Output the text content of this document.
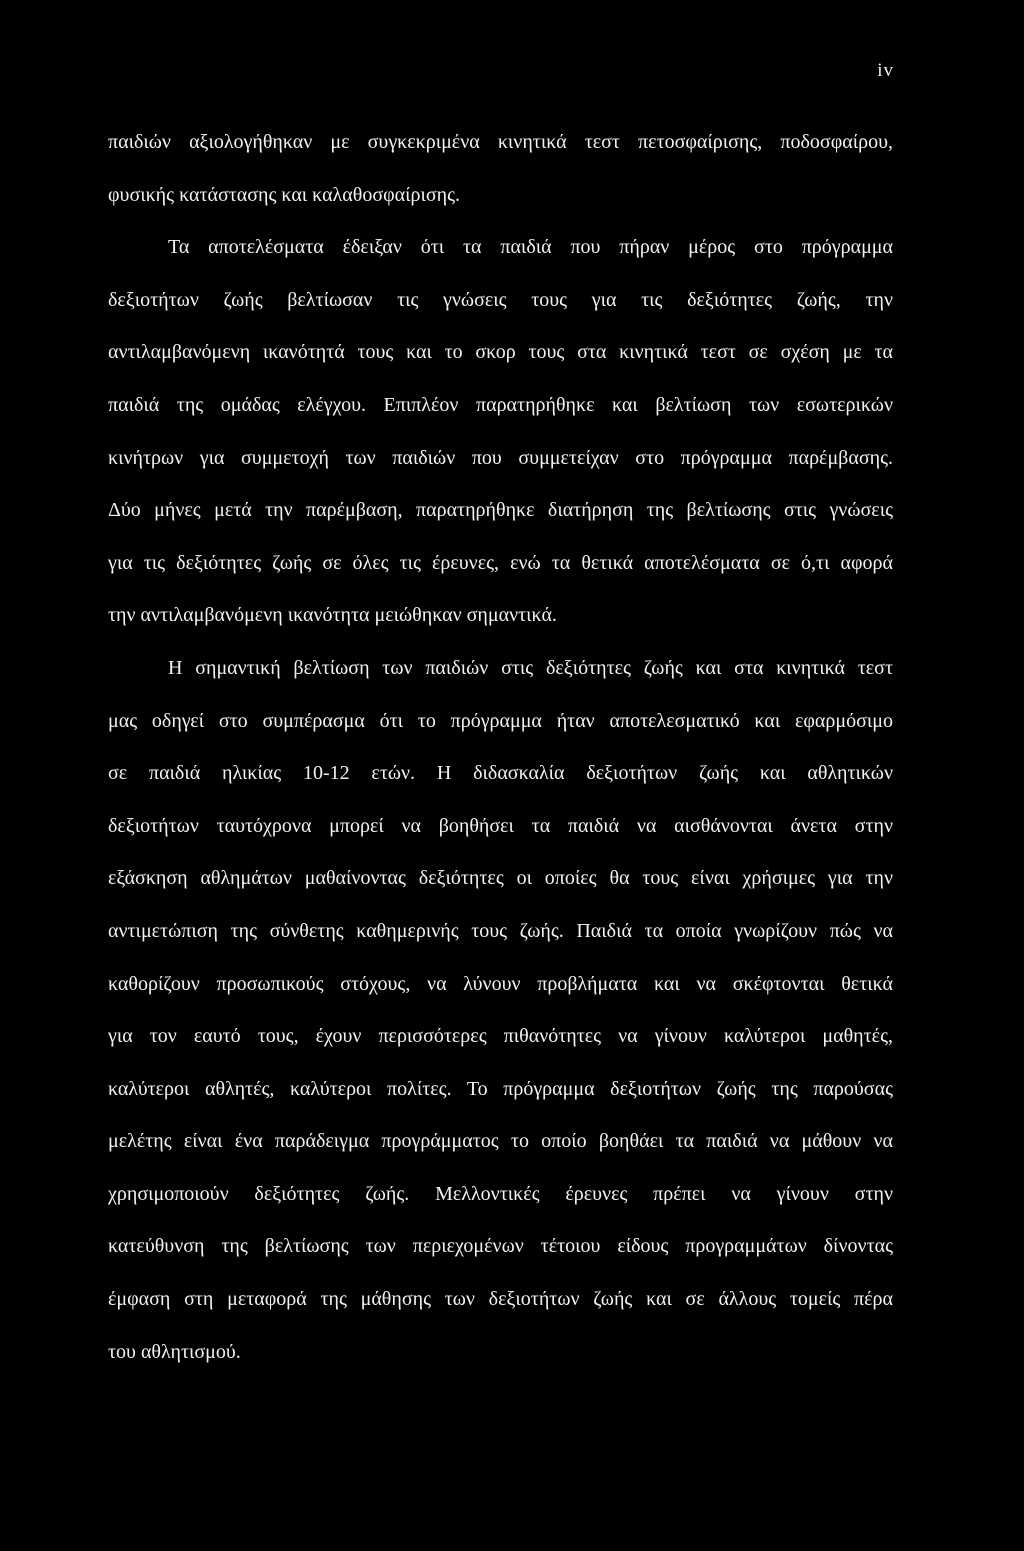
iv
παιδιών αξιολογήθηκαν με συγκεκριμένα κινητικά τεστ πετοσφαίρισης, ποδοσφαίρου,
φυσικής κατάστασης και καλαθοσφαίρισης.
Τα αποτελέσματα έδειξαν ότι τα παιδιά που πήραν μέρος στο πρόγραμμα
δεξιοτήτων ζωής βελτίωσαν τις γνώσεις τους για τις δεξιότητες ζωής, την
αντιλαμβανόμενη ικανότητά τους και το σκορ τους στα κινητικά τεστ σε σχέση με τα
παιδιά της ομάδας ελέγχου. Επιπλέον παρατηρήθηκε και βελτίωση των εσωτερικών
κινήτρων για συμμετοχή των παιδιών που συμμετείχαν στο πρόγραμμα παρέμβασης.
Δύο μήνες μετά την παρέμβαση, παρατηρήθηκε διατήρηση της βελτίωσης στις γνώσεις
για τις δεξιότητες ζωής σε όλες τις έρευνες, ενώ τα θετικά αποτελέσματα σε ό,τι αφορά
την αντιλαμβανόμενη ικανότητα μειώθηκαν σημαντικά.
Η σημαντική βελτίωση των παιδιών στις δεξιότητες ζωής και στα κινητικά τεστ
μας οδηγεί στο συμπέρασμα ότι το πρόγραμμα ήταν αποτελεσματικό και εφαρμόσιμο
σε παιδιά ηλικίας 10-12 ετών. Η διδασκαλία δεξιοτήτων ζωής και αθλητικών
δεξιοτήτων ταυτόχρονα μπορεί να βοηθήσει τα παιδιά να αισθάνονται άνετα στην
εξάσκηση αθλημάτων μαθαίνοντας δεξιότητες οι οποίες θα τους είναι χρήσιμες για την
αντιμετώπιση της σύνθετης καθημερινής τους ζωής. Παιδιά τα οποία γνωρίζουν πώς να
καθορίζουν προσωπικούς στόχους, να λύνουν προβλήματα και να σκέφτονται θετικά
για τον εαυτό τους, έχουν περισσότερες πιθανότητες να γίνουν καλύτεροι μαθητές,
καλύτεροι αθλητές, καλύτεροι πολίτες. Το πρόγραμμα δεξιοτήτων ζωής της παρούσας
μελέτης είναι ένα παράδειγμα προγράμματος το οποίο βοηθάει τα παιδιά να μάθουν να
χρησιμοποιούν δεξιότητες ζωής. Μελλοντικές έρευνες πρέπει να γίνουν στην
κατεύθυνση της βελτίωσης των περιεχομένων τέτοιου είδους προγραμμάτων δίνοντας
έμφαση στη μεταφορά της μάθησης των δεξιοτήτων ζωής και σε άλλους τομείς πέρα
του αθλητισμού.
